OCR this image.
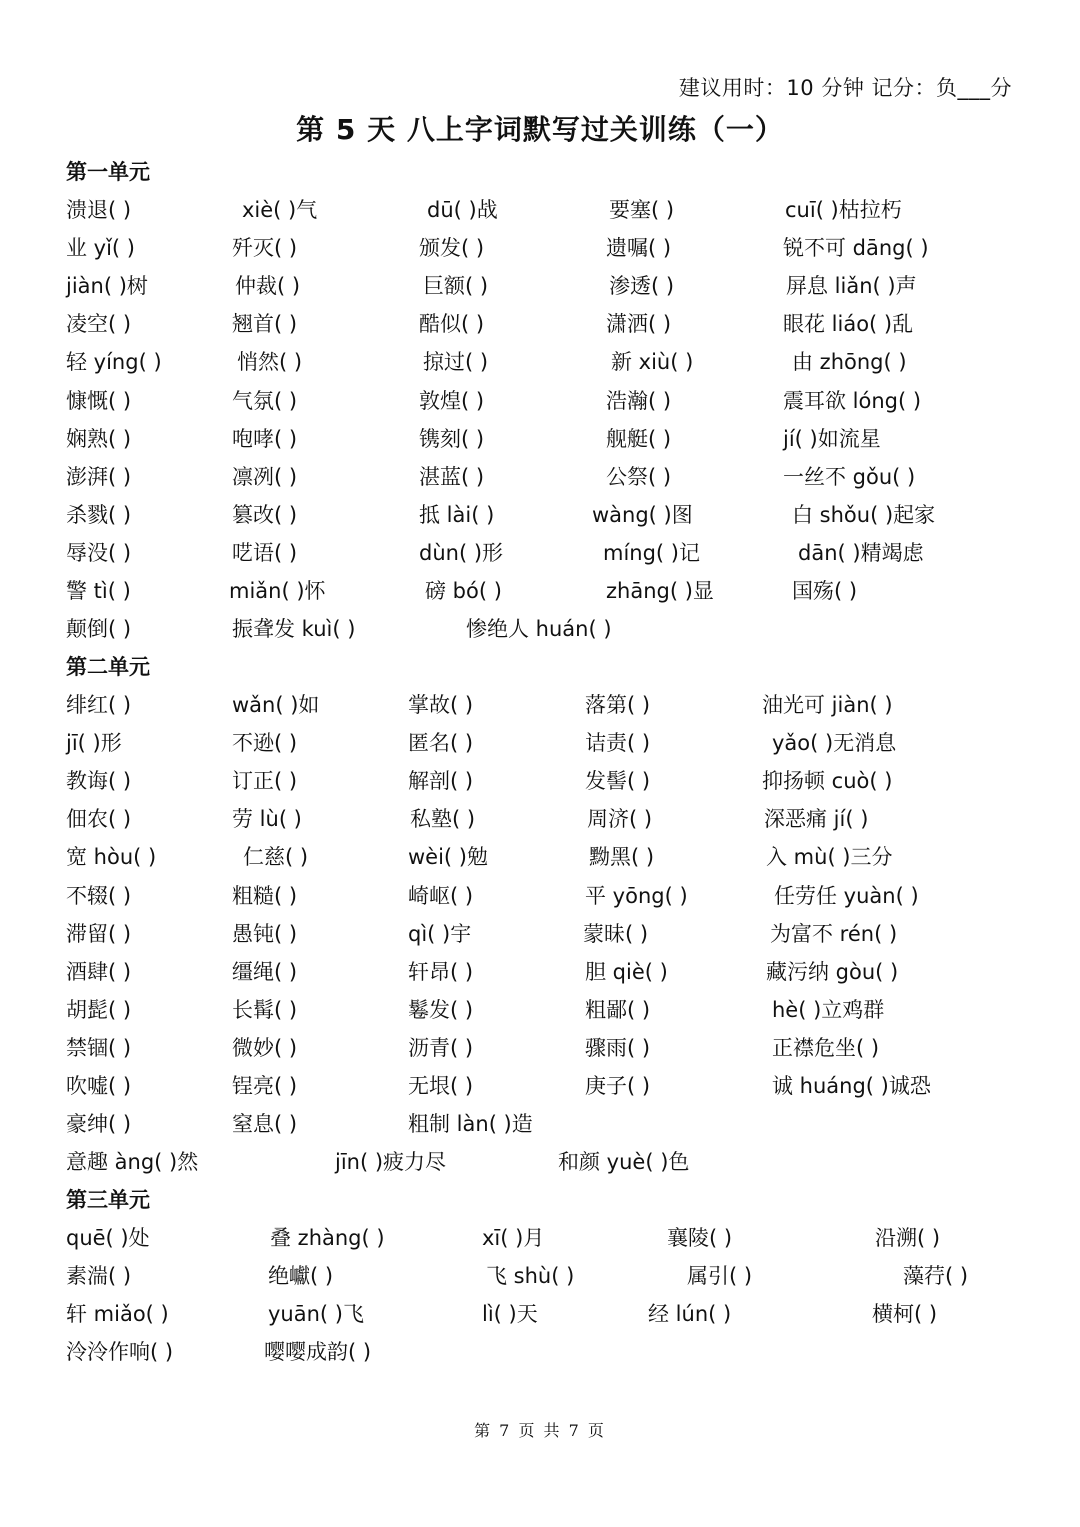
建议用时：10 分钟 记分：负___分
第 5 天 八上字词默写过关训练（一）
第一单元
溃退( )	xiè( )气	dū( )战	要塞( )	cuī( )枯拉朽
业 yǐ( )	歼灭( )	颁发( )	遗嘱( )	锐不可 dāng( )
jiàn( )树	仲裁( )	巨额( )	渗透( )	屏息 liǎn( )声
凌空( )	翘首( )	酷似( )	潇洒( )	眼花 liáo( )乱
轻 yíng( )	悄然( )	掠过( )	新 xiù( )	由 zhōng( )
慷慨( )	气氛( )	敦煌( )	浩瀚( )	震耳欲 lóng( )
娴熟( )	咆哮( )	镌刻( )	舰艇( )	jí( )如流星
澎湃( )	凛冽( )	湛蓝( )	公祭( )	一丝不 gǒu( )
杀戮( )	篡改( )	抵 lài( )	wàng( )图	白 shǒu( )起家
辱没( )	呓语( )	dùn( )形	míng( )记	dān( )精竭虑
警 tì( )	miǎn( )怀	磅 bó( )	zhāng( )显	国殇( )
颠倒( )	振聋发 kuì( )	惨绝人 huán( )
第二单元
绯红( )	wǎn( )如	掌故( )	落第( )	油光可 jiàn( )
jī( )形	不逊( )	匿名( )	诘责( )	yǎo( )无消息
教诲( )	订正( )	解剖( )	发髻( )	抑扬顿 cuò( )
佃农( )	劳 lù( )	私塾( )	周济( )	深恶痛 jí( )
宽 hòu( )	仁慈( )	wèi( )勉	黝黑( )	入 mù( )三分
不辍( )	粗糙( )	崎岖( )	平 yōng( )	任劳任 yuàn( )
滞留( )	愚钝( )	qì( )宇	蒙昧( )	为富不 rén( )
酒肆( )	缰绳( )	轩昂( )	胆 qiè( )	藏污纳 gòu( )
胡髭( )	长髯( )	鬈发( )	粗鄙( )	hè( )立鸡群
禁锢( )	微妙( )	沥青( )	骤雨( )	正襟危坐( )
吹嘘( )	锃亮( )	无垠( )	庚子( )	诚 huáng( )诚恐
豪绅( )	窒息( )	粗制 làn( )造
意趣 àng( )然	jīn( )疲力尽	和颜 yuè( )色
第三单元
quē( )处	叠 zhàng( )	xī( )月	襄陵( )	沿溯( )
素湍( )	绝巘( )	飞 shù( )	属引( )	藻荇( )
轩 miǎo( )	yuān( )飞	lì( )天	经 lún( )	横柯( )
泠泠作响( )	嘤嘤成韵( )
第 7 页 共 7 页
